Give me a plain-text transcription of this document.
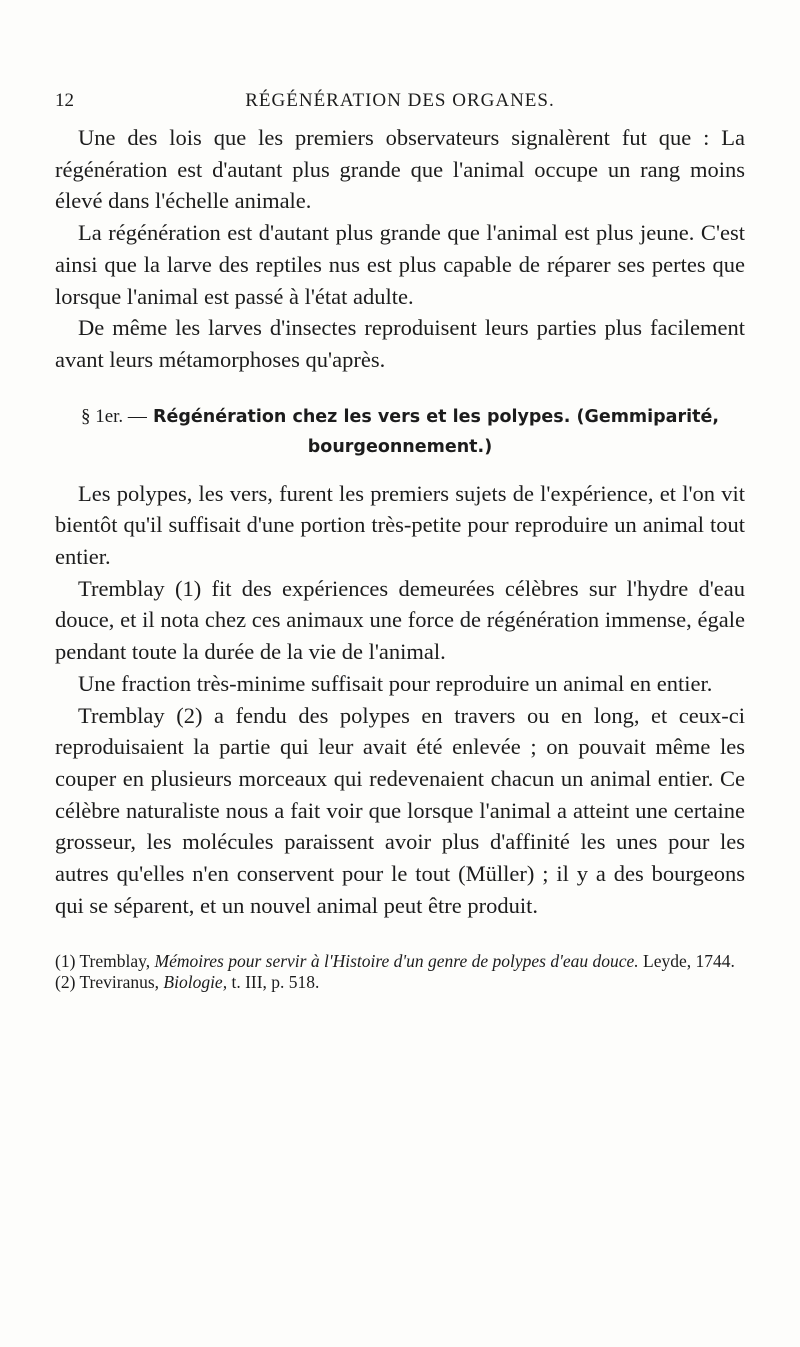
12	RÉGÉNÉRATION DES ORGANES.

Une des lois que les premiers observateurs signalèrent fut que : La régénération est d'autant plus grande que l'animal occupe un rang moins élevé dans l'échelle animale.

La régénération est d'autant plus grande que l'animal est plus jeune. C'est ainsi que la larve des reptiles nus est plus capable de réparer ses pertes que lorsque l'animal est passé à l'état adulte.

De même les larves d'insectes reproduisent leurs parties plus facilement avant leurs métamorphoses qu'après.

§ 1er. — Régénération chez les vers et les polypes. (Gemmiparité, bourgeonnement.)

Les polypes, les vers, furent les premiers sujets de l'expérience, et l'on vit bientôt qu'il suffisait d'une portion très-petite pour reproduire un animal tout entier.

Tremblay (1) fit des expériences demeurées célèbres sur l'hydre d'eau douce, et il nota chez ces animaux une force de régénération immense, égale pendant toute la durée de la vie de l'animal.

Une fraction très-minime suffisait pour reproduire un animal en entier.

Tremblay (2) a fendu des polypes en travers ou en long, et ceux-ci reproduisaient la partie qui leur avait été enlevée ; on pouvait même les couper en plusieurs morceaux qui redevenaient chacun un animal entier. Ce célèbre naturaliste nous a fait voir que lorsque l'animal a atteint une certaine grosseur, les molécules paraissent avoir plus d'affinité les unes pour les autres qu'elles n'en conservent pour le tout (Müller) ; il y a des bourgeons qui se séparent, et un nouvel animal peut être produit.

(1) Tremblay, Mémoires pour servir à l'Histoire d'un genre de polypes d'eau douce. Leyde, 1744.

(2) Treviranus, Biologie, t. III, p. 518.
